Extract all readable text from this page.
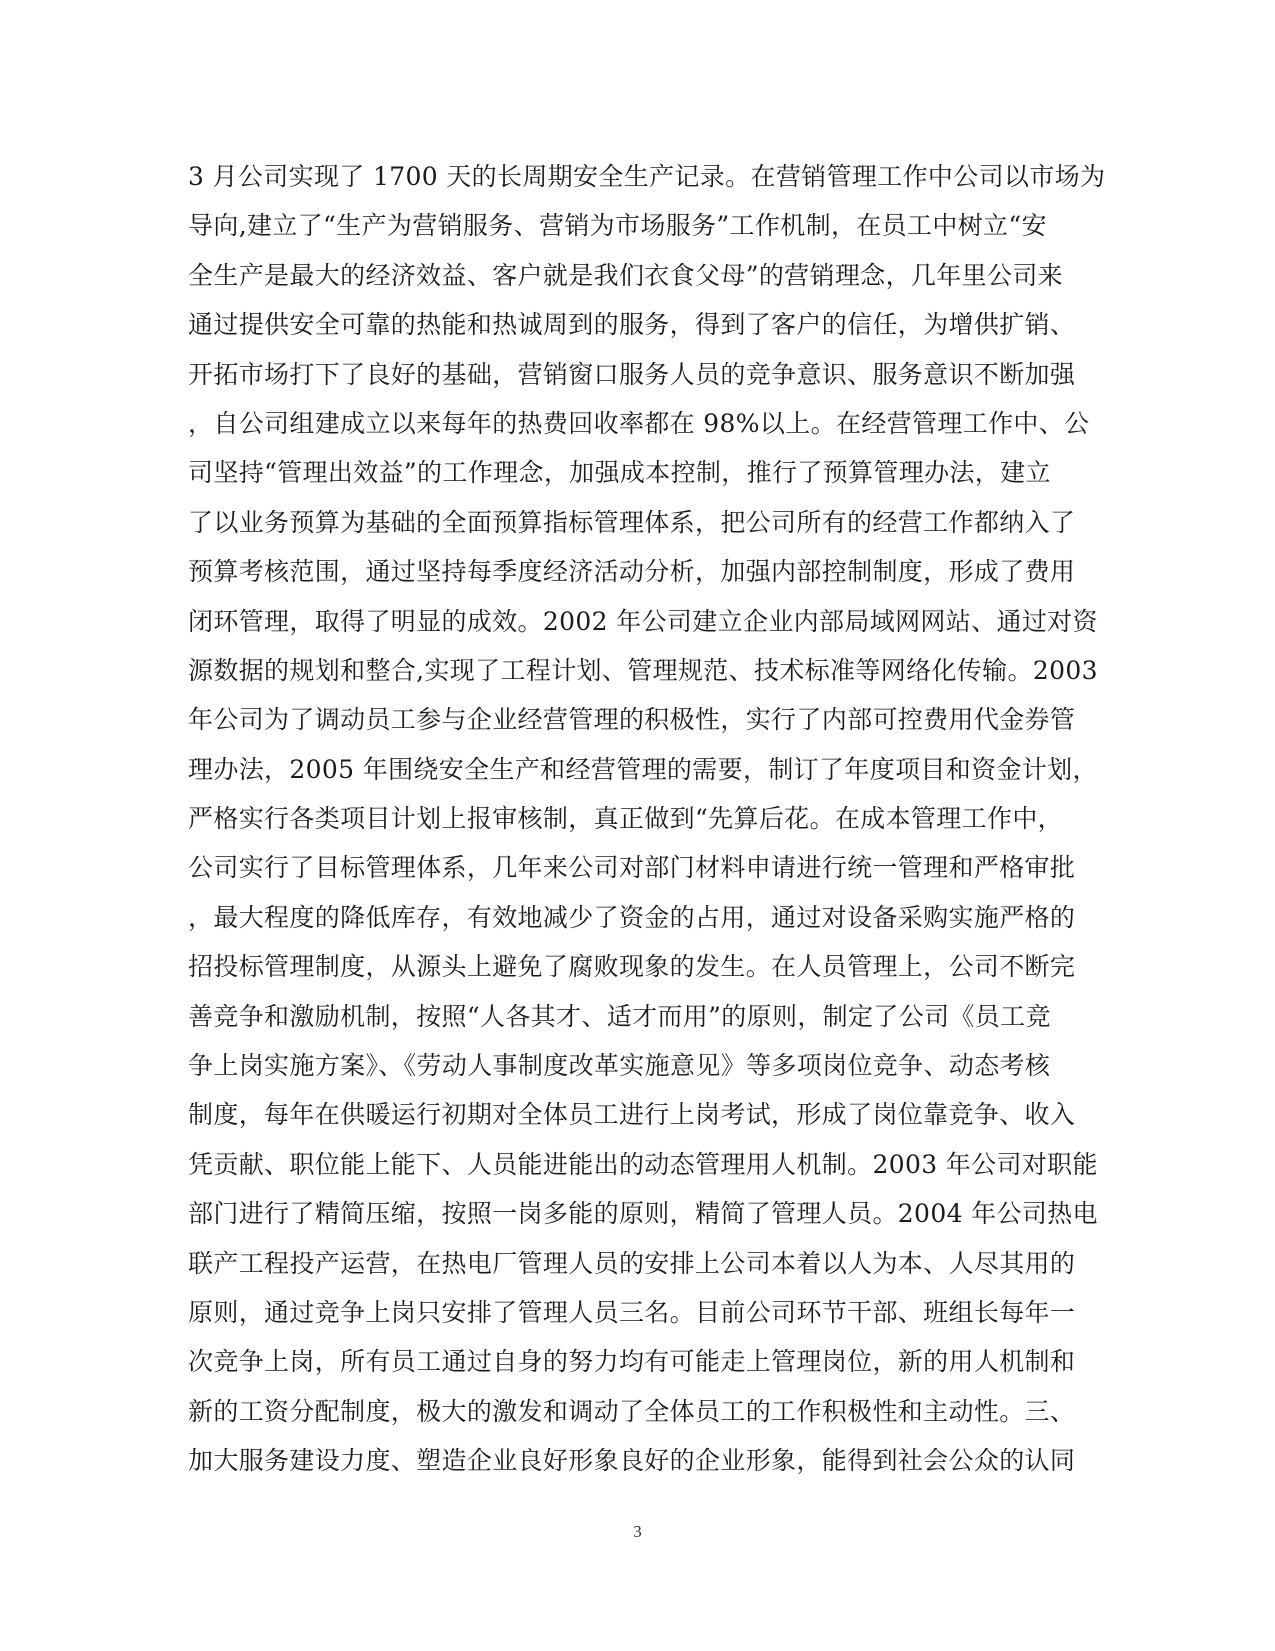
3 月公司实现了 1700 天的长周期安全生产记录。在营销管理工作中公司以市场为
导向,建立了“生产为营销服务、营销为市场服务”工作机制，在员工中树立“安
全生产是最大的经济效益、客户就是我们衣食父母”的营销理念，几年里公司来
通过提供安全可靠的热能和热诚周到的服务，得到了客户的信任，为增供扩销、
开拓市场打下了良好的基础，营销窗口服务人员的竞争意识、服务意识不断加强
，自公司组建成立以来每年的热费回收率都在 98%以上。在经营管理工作中、公
司坚持“管理出效益”的工作理念，加强成本控制，推行了预算管理办法，建立
了以业务预算为基础的全面预算指标管理体系，把公司所有的经营工作都纳入了
预算考核范围，通过坚持每季度经济活动分析，加强内部控制制度，形成了费用
闭环管理，取得了明显的成效。2002 年公司建立企业内部局域网网站、通过对资
源数据的规划和整合,实现了工程计划、管理规范、技术标准等网络化传输。2003
年公司为了调动员工参与企业经营管理的积极性，实行了内部可控费用代金券管
理办法，2005 年围绕安全生产和经营管理的需要，制订了年度项目和资金计划，
严格实行各类项目计划上报审核制，真正做到“先算后花。在成本管理工作中，
公司实行了目标管理体系，几年来公司对部门材料申请进行统一管理和严格审批
，最大程度的降低库存，有效地减少了资金的占用，通过对设备采购实施严格的
招投标管理制度，从源头上避免了腐败现象的发生。在人员管理上，公司不断完
善竞争和激励机制，按照“人各其才、适才而用”的原则，制定了公司《员工竞
争上岗实施方案》、《劳动人事制度改革实施意见》等多项岗位竞争、动态考核
制度，每年在供暖运行初期对全体员工进行上岗考试，形成了岗位靠竞争、收入
凭贡献、职位能上能下、人员能进能出的动态管理用人机制。2003 年公司对职能
部门进行了精简压缩，按照一岗多能的原则，精简了管理人员。2004 年公司热电
联产工程投产运营，在热电厂管理人员的安排上公司本着以人为本、人尽其用的
原则，通过竞争上岗只安排了管理人员三名。目前公司环节干部、班组长每年一
次竞争上岗，所有员工通过自身的努力均有可能走上管理岗位，新的用人机制和
新的工资分配制度，极大的激发和调动了全体员工的工作积极性和主动性。三、
加大服务建设力度、塑造企业良好形象良好的企业形象，能得到社会公众的认同
3
